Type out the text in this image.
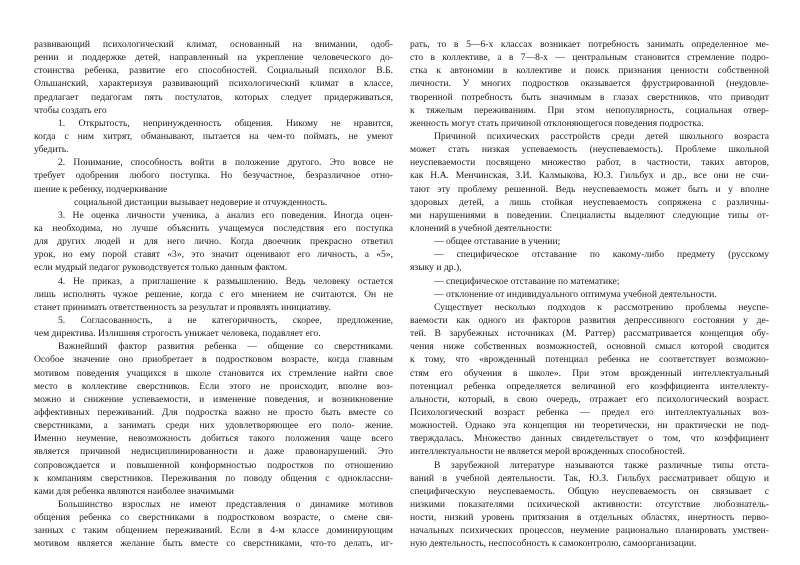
развивающий психологический климат, основанный на внимании, одоб-
рении и поддержке детей, направленный на укрепление человеческого до-
стоинства ребенка, развитие его способностей. Социальный психолог В.Б.
Ольшанский, характеризуя развивающий психологический климат в классе,
предлагает педагогам пять постулатов, которых следует придерживаться,
чтобы создать его
1. Открытость, непринужденность общения. Никому не нравится,
когда с ним хитрят, обманывают, пытается на чем-то поймать, не умеют
убедить.
2. Понимание, способность войти в положение другого. Это вовсе не
требует одобрения любого поступка. Но безучастное, безразличное отно-
шение к ребенку, подчеркивание
социальной дистанции вызывает недоверие и отчужденность.
3. Не оценка личности ученика, а анализ его поведения. Иногда оцен-
ка необходима, но лучше объяснить учащемуся последствия его поступка
для других людей и для него лично. Когда двоечник прекрасно ответил
урок, но ему порой ставят «3», это значит оценивают его личность, а «5»,
если мудрый педагог руководствуется только данным фактом.
4. Не приказ, а приглашение к размышлению. Ведь человеку остается
лишь исполнять чужое решение, когда с его мнением не считаются. Он не
станет принимать ответственность за результат и проявлять инициативу.
5. Согласованность, а не категоричность, скорее, предложение,
чем директива. Излишняя строгость унижает человека, подавляет его.
Важнейший фактор развития ребенка — общение со сверстниками.
Особое значение оно приобретает в подростковом возрасте, когда главным
мотивом поведения учащихся в школе становится их стремление найти свое
место в коллективе сверстников. Если этого не происходит, вполне воз-
можно и снижение успеваемости, и изменение поведения, и возникновение
аффективных переживаний. Для подростка важно не просто быть вместе со
сверстниками, а занимать среди них удовлетворяющее его поло- жение.
Именно неумение, невозможность добиться такого положения чаще всего
является причиной недисциплинированности и даже правонарушений. Это
сопровождается и повышенной конформностью подростков по отношению
к компаниям сверстников. Переживания по поводу общения с одноклассни-
ками для ребенка являются наиболее значимыми
Большинство взрослых не имеют представления о динамике мотивов
общения ребенка со сверстниками в подростковом возрасте, о смене свя-
занных с таким общением переживаний. Если в 4-м классе доминирующим
мотивом является желание быть вместе со сверстниками, что-то делать, иг-
рать, то в 5—6-х классах возникает потребность занимать определенное ме-
сто в коллективе, а в 7—8-х — центральным становится стремление подро-
стка к автономии в коллективе и поиск признания ценности собственной
личности. У многих подростков оказывается фрустрированной (неудовле-
творенной потребность быть значимым в глазах сверстников, что приводит
к тяжелым переживаниям. При этом непопулярность, социальная отвер-
женность могут стать причиной отклоняющегося поведения подростка.
Причиной психических расстройств среди детей школьного возраста
может стать низкая успеваемость (неуспеваемость). Проблеме школьной
неуспеваемости посвящено множество работ, в частности, таких авторов,
как Н.А. Менчинская, З.И. Калмыкова, Ю.З. Гильбух и др., все они не счи-
тают эту проблему решенной. Ведь неуспеваемость может быть и у вполне
здоровых детей, а лишь стойкая неуспеваемость сопряжена с различны-
ми нарушениями в поведении. Специалисты выделяют следующие типы от-
клонений в учебной деятельности:
— общее отставание в учении;
— специфическое отставание по какому-либо предмету (русскому
языку и др.),
— специфическое отставание по математике;
— отклонение от индивидуального оптимума учебной деятельности.
Существует несколько подходов к рассмотрению проблемы неуспе-
ваемости как одного из факторов развития депрессивного состояния у де-
тей. В зарубежных источниках (М. Раттер) рассматривается концепция обу-
чения ниже собственных возможностей, основной смысл которой сводится
к тому, что «врожденный потенциал ребенка не соответствует возможно-
стям его обучения в школе». При этом врожденный интеллектуальный
потенциал ребенка определяется величиной его коэффициента интеллекту-
альности, который, в свою очередь, отражает его психологический возраст.
Психологический возраст ребенка — предел его интеллектуальных воз-
можностей. Однако эта концепция ни теоретически, ни практически не под-
тверждалась. Множество данных свидетельствует о том, что коэффициент
интеллектуальности не является мерой врожденных способностей.
В зарубежной литературе называются также различные типы отста-
ваний в учебной деятельности. Так, Ю.З. Гильбух рассматривает общую и
специфическую неуспеваемость. Общую неуспеваемость он связывает с
низкими показателями психической активности: отсутствие любознатель-
ности, низкий уровень притязания в отдельных областях, инертность перво-
начальных психических процессов, неумение рационально планировать умствен-
ную деятельность, неспособность к самоконтролю, самоорганизации.
